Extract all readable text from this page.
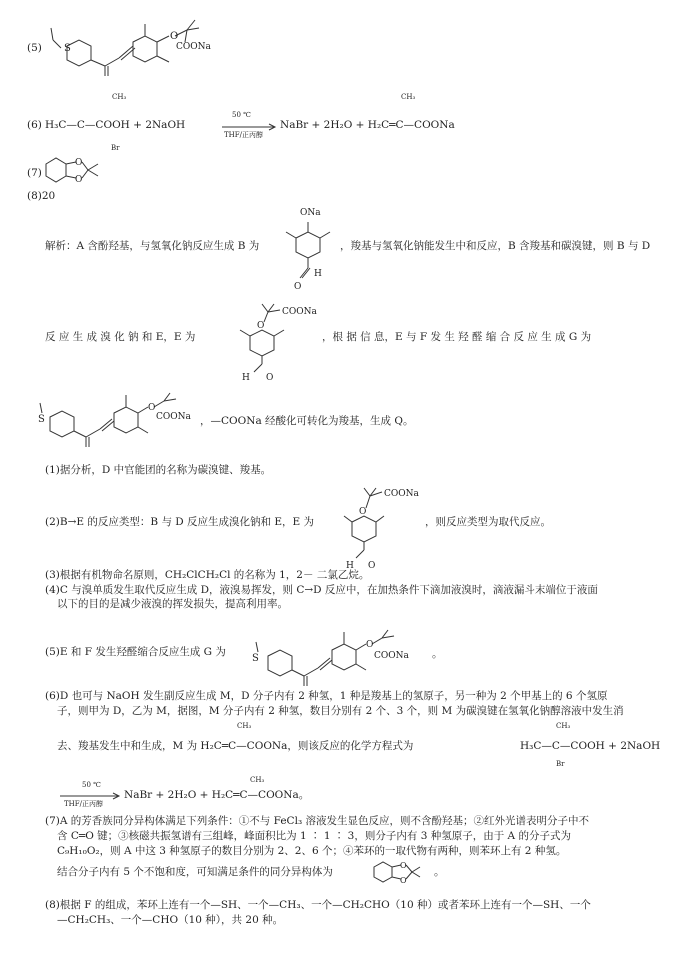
(5) S
O
COONa
CH₃
(6) H₃C—C—COOH + 2NaOH
Br
50 ℃
THF/正丙醇
CH₃
NaBr + 2H₂O + H₂C═C—COONa
(7)
O
O
(8)20
ONa
O
H
解析：A 含酚羟基，与氢氧化钠反应生成 B 为	，羧基与氢氧化钠能发生中和反应，B 含羧基和碳溴键，则 B 与 D
O
COONa
H O
反 应 生 成 溴 化 钠 和 E，E 为	，根 据 信 息，E 与 F 发 生 羟 醛 缩 合 反 应 生 成 G 为
S
O
COONa ，—COONa 经酸化可转化为羧基，生成 Q。
(1)据分析，D 中官能团的名称为碳溴键、羧基。
O
COONa
H O
(2)B→E 的反应类型：B 与 D 反应生成溴化钠和 E，E 为	，则反应类型为取代反应。
(3)根据有机物命名原则，CH₂ClCH₂Cl 的名称为 1，2－ 二氯乙烷。
(4)C 与溴单质发生取代反应生成 D，液溴易挥发，则 C→D 反应中，在加热条件下滴加液溴时，滴液漏斗末端位于液面
以下的目的是减少液溴的挥发损失，提高利用率。
(5)E 和 F 发生羟醛缩合反应生成 G 为
S
O
COONa 。
(6)D 也可与 NaOH 发生副反应生成 M，D 分子内有 2 种氢，1 种是羧基上的氢原子，另一种为 2 个甲基上的 6 个氢原
子，则甲为 D，乙为 M，据图，M 分子内有 2 种氢，数目分别有 2 个、3 个，则 M 为碳溴键在氢氧化钠醇溶液中发生消
CH₃	CH₃
去、羧基发生中和生成，M 为 H₂C═C—COONa，则该反应的化学方程式为	H₃C—C—COOH + 2NaOH
Br
50 ℃
THF/正丙醇
CH₃
NaBr + 2H₂O + H₂C═C—COONa。
(7)A 的芳香族同分异构体满足下列条件：①不与 FeCl₃ 溶液发生显色反应，则不含酚羟基；②红外光谱表明分子中不
含 C═O 键；③核磁共振氢谱有三组峰，峰面积比为 1 ∶ 1 ∶ 3，则分子内有 3 种氢原子，由于 A 的分子式为
C₉H₁₀O₂，则 A 中这 3 种氢原子的数目分别为 2、2、6 个；④苯环的一取代物有两种，则苯环上有 2 种氢。
结合分子内有 5 个不饱和度，可知满足条件的同分异构体为
O
O
。
(8)根据 F 的组成，苯环上连有一个—SH、一个—CH₃、一个—CH₂CHO（10 种）或者苯环上连有一个—SH、一个
—CH₂CH₃、一个—CHO（10 种），共 20 种。
